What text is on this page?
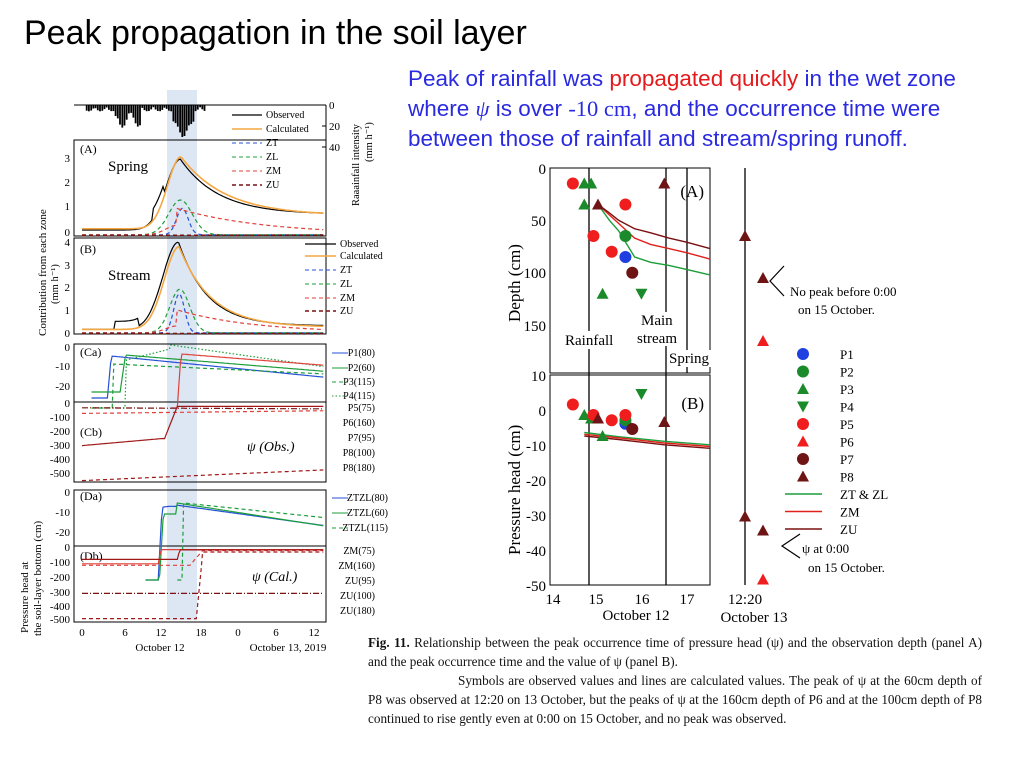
Peak propagation in the soil layer
Peak of rainfall was propagated quickly in the wet zone where ψ is over -10 cm, and the occurrence time were between those of rainfall and stream/spring runoff.
0
20
40 Raaainfall intensity (mm h⁻¹)
3
2
1
0
4
3
2
1
0
0
-10
-20
0
-100
-200
-300
-400
-500
0
-10
-20
0
-100
-200
-300
-400
-500
Contribution from each zone (mm h⁻¹)
Pressure head at the soil-layer bottom (cm)
(A)
Spring
(B)
Stream
(Ca)
(Cb)
ψ (Obs.)
(Da)
(Db)
ψ (Cal.)
Observed
Calculated
ZT
ZL
ZM
ZU
Observed
Calculated
ZT
ZL
ZM
ZU
P1(80)
P2(60)
P3(115)
P4(115)
P5(75)
P6(160)
P7(95)
P8(100)
P8(180)
ZTZL(80)
ZTZL(60)
ZTZL(115)
ZM(75)
ZM(160)
ZU(95)
ZU(100)
ZU(180)
0	6	12	18	0	6	12
October 12	October 13, 2019
0
50
100
150
10
0
-10
-20
-30
-40
-50
14 15 16 17
October 12
12:20
October 13
Depth (cm)
Pressure head (cm)
(A)
(B)
Rainfall
Main
stream
Spring
No peak before 0:00
on 15 October.
ψ at 0:00
on 15 October.
P1
P2
P3
P4
P5
P6
P7
P8
ZT & ZL
ZM
ZU

Fig. 11. Relationship between the peak occurrence time of pressure head (ψ) and the observation depth (panel A) and the peak occurrence time and the value of ψ (panel B).

Symbols are observed values and lines are calculated values. The peak of ψ at the 60cm depth of P8 was observed at 12:20 on 13 October, but the peaks of ψ at the 160cm depth of P6 and at the 100cm depth of P8 continued to rise gently even at 0:00 on 15 October, and no peak was observed.
